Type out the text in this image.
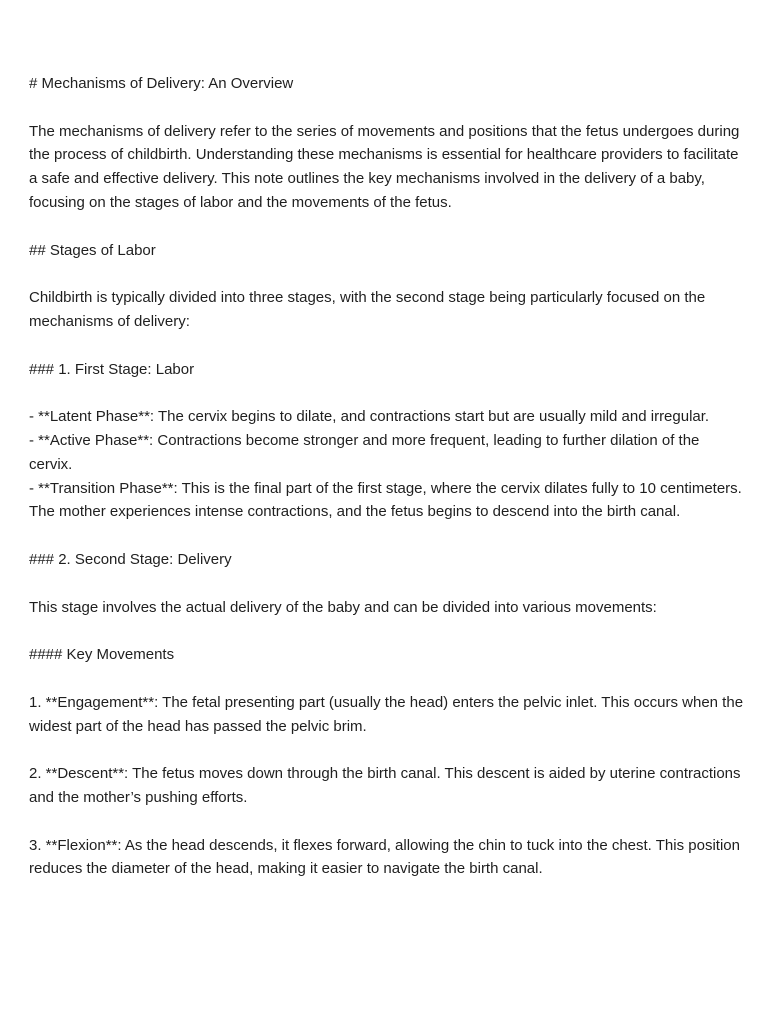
# Mechanisms of Delivery: An Overview

The mechanisms of delivery refer to the series of movements and positions that the fetus undergoes during the process of childbirth. Understanding these mechanisms is essential for healthcare providers to facilitate a safe and effective delivery. This note outlines the key mechanisms involved in the delivery of a baby, focusing on the stages of labor and the movements of the fetus.

## Stages of Labor

Childbirth is typically divided into three stages, with the second stage being particularly focused on the mechanisms of delivery:

### 1. First Stage: Labor

- **Latent Phase**: The cervix begins to dilate, and contractions start but are usually mild and irregular.

- **Active Phase**: Contractions become stronger and more frequent, leading to further dilation of the cervix.

- **Transition Phase**: This is the final part of the first stage, where the cervix dilates fully to 10 centimeters. The mother experiences intense contractions, and the fetus begins to descend into the birth canal.

### 2. Second Stage: Delivery

This stage involves the actual delivery of the baby and can be divided into various movements:

#### Key Movements

1. **Engagement**: The fetal presenting part (usually the head) enters the pelvic inlet. This occurs when the widest part of the head has passed the pelvic brim.

2. **Descent**: The fetus moves down through the birth canal. This descent is aided by uterine contractions and the mother’s pushing efforts.

3. **Flexion**: As the head descends, it flexes forward, allowing the chin to tuck into the chest. This position reduces the diameter of the head, making it easier to navigate the birth canal.
